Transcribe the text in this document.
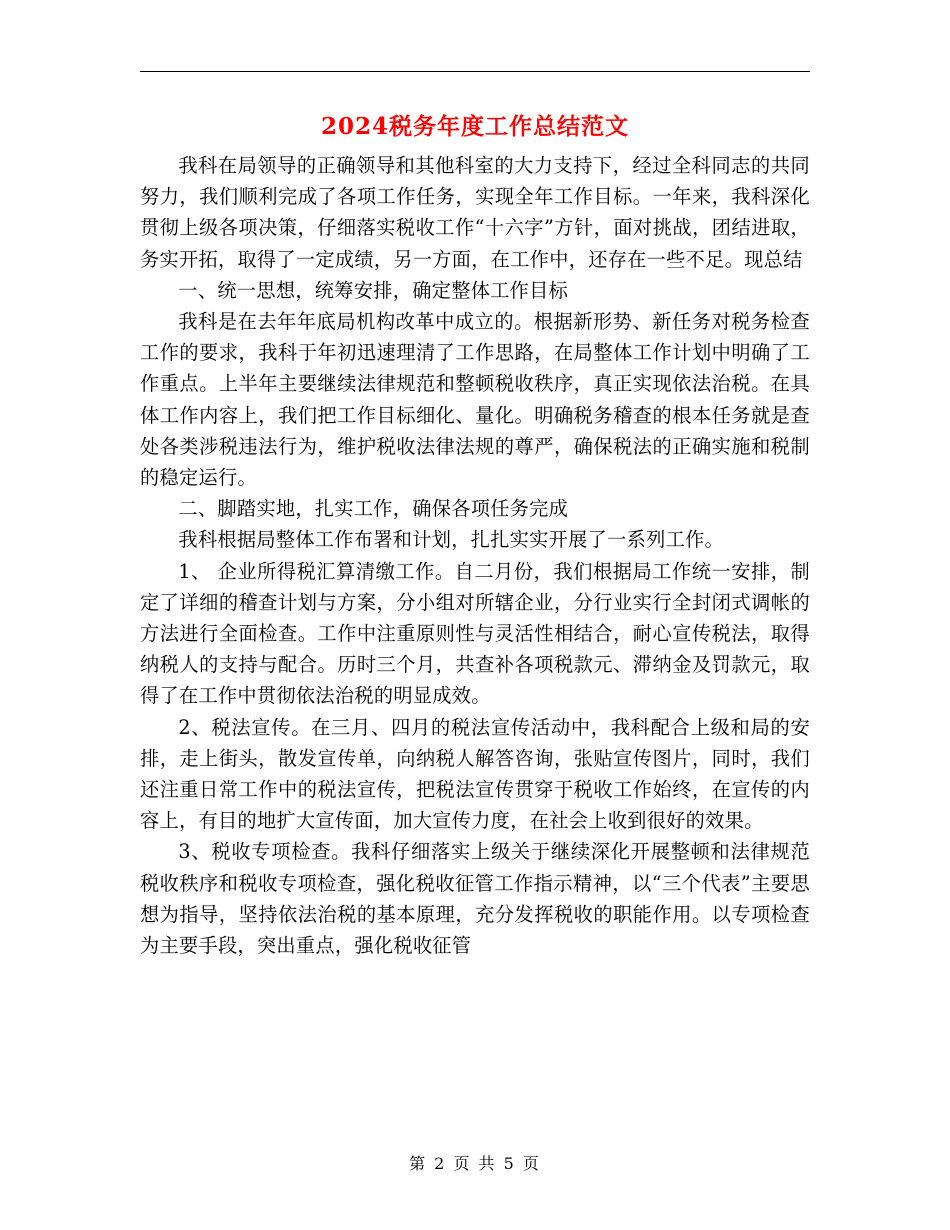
2024税务年度工作总结范文

我科在局领导的正确领导和其他科室的大力支持下，经过全科同志的共同努力，我们顺利完成了各项工作任务，实现全年工作目标。一年来，我科深化贯彻上级各项决策，仔细落实税收工作“十六字”方针，面对挑战，团结进取，务实开拓，取得了一定成绩，另一方面，在工作中，还存在一些不足。现总结

一、统一思想，统筹安排，确定整体工作目标

我科是在去年年底局机构改革中成立的。根据新形势、新任务对税务检查工作的要求，我科于年初迅速理清了工作思路，在局整体工作计划中明确了工作重点。上半年主要继续法律规范和整顿税收秩序，真正实现依法治税。在具体工作内容上，我们把工作目标细化、量化。明确税务稽查的根本任务就是查处各类涉税违法行为，维护税收法律法规的尊严，确保税法的正确实施和税制的稳定运行。

二、脚踏实地，扎实工作，确保各项任务完成

我科根据局整体工作布署和计划，扎扎实实开展了一系列工作。

1、 企业所得税汇算清缴工作。自二月份，我们根据局工作统一安排，制定了详细的稽查计划与方案，分小组对所辖企业，分行业实行全封闭式调帐的方法进行全面检查。工作中注重原则性与灵活性相结合，耐心宣传税法，取得纳税人的支持与配合。历时三个月，共查补各项税款元、滞纳金及罚款元，取得了在工作中贯彻依法治税的明显成效。

2、税法宣传。在三月、四月的税法宣传活动中，我科配合上级和局的安排，走上街头，散发宣传单，向纳税人解答咨询，张贴宣传图片，同时，我们还注重日常工作中的税法宣传，把税法宣传贯穿于税收工作始终，在宣传的内容上，有目的地扩大宣传面，加大宣传力度，在社会上收到很好的效果。

3、税收专项检查。我科仔细落实上级关于继续深化开展整顿和法律规范税收秩序和税收专项检查，强化税收征管工作指示精神，以“三个代表”主要思想为指导，坚持依法治税的基本原理，充分发挥税收的职能作用。以专项检查为主要手段，突出重点，强化税收征管

第 2 页 共 5 页
